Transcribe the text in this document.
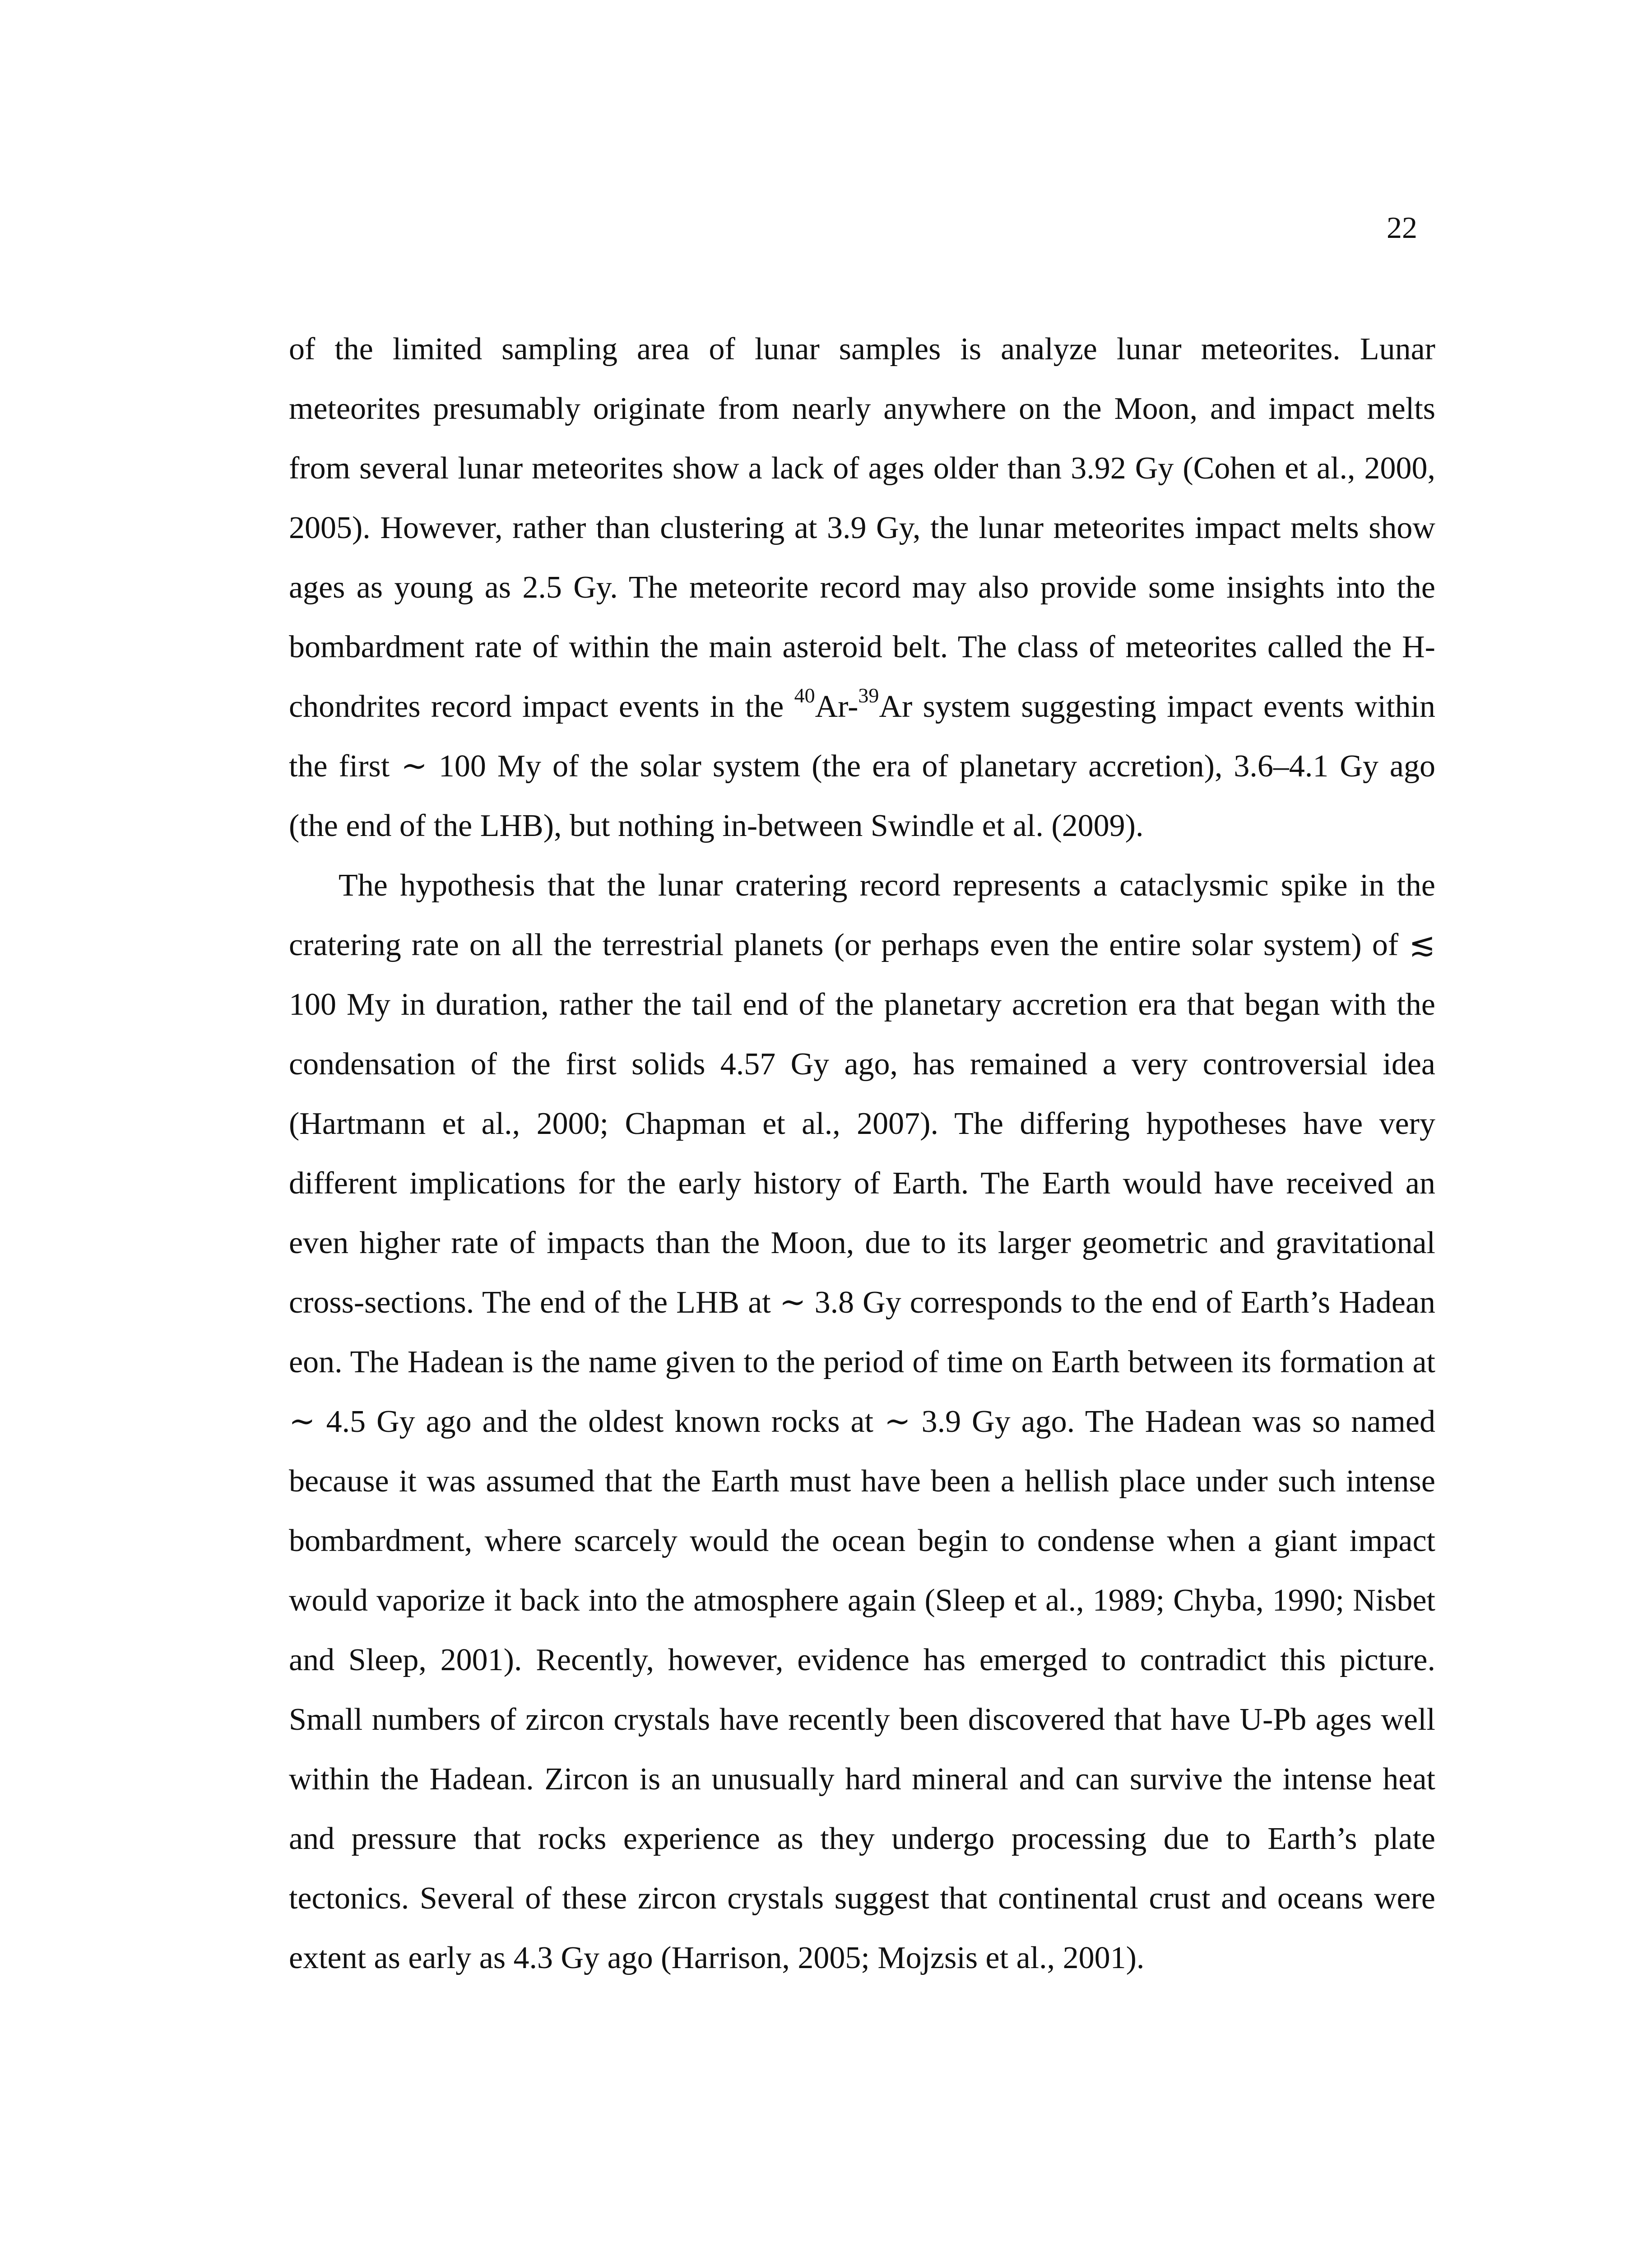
22

of the limited sampling area of lunar samples is analyze lunar meteorites. Lunar meteorites presumably originate from nearly anywhere on the Moon, and impact melts from several lunar meteorites show a lack of ages older than 3.92 Gy (Cohen et al., 2000, 2005). However, rather than clustering at 3.9 Gy, the lunar meteorites impact melts show ages as young as 2.5 Gy. The meteorite record may also provide some insights into the bombardment rate of within the main asteroid belt. The class of meteorites called the H-chondrites record impact events in the $^{40}$Ar-$^{39}$Ar system suggesting impact events within the first ∼ 100 My of the solar system (the era of planetary accretion), 3.6–4.1 Gy ago (the end of the LHB), but nothing in-between Swindle et al. (2009).

The hypothesis that the lunar cratering record represents a cataclysmic spike in the cratering rate on all the terrestrial planets (or perhaps even the entire solar system) of ≲ 100 My in duration, rather the tail end of the planetary accretion era that began with the condensation of the first solids 4.57 Gy ago, has remained a very controversial idea (Hartmann et al., 2000; Chapman et al., 2007). The differing hypotheses have very different implications for the early history of Earth. The Earth would have received an even higher rate of impacts than the Moon, due to its larger geometric and gravitational cross-sections. The end of the LHB at ∼ 3.8 Gy corresponds to the end of Earth’s Hadean eon. The Hadean is the name given to the period of time on Earth between its formation at ∼ 4.5 Gy ago and the oldest known rocks at ∼ 3.9 Gy ago. The Hadean was so named because it was assumed that the Earth must have been a hellish place under such intense bombardment, where scarcely would the ocean begin to condense when a giant impact would vaporize it back into the atmosphere again (Sleep et al., 1989; Chyba, 1990; Nisbet and Sleep, 2001). Recently, however, evidence has emerged to contradict this picture. Small numbers of zircon crystals have recently been discovered that have U-Pb ages well within the Hadean. Zircon is an unusually hard mineral and can survive the intense heat and pressure that rocks experience as they undergo processing due to Earth’s plate tectonics. Several of these zircon crystals suggest that continental crust and oceans were extent as early as 4.3 Gy ago (Harrison, 2005; Mojzsis et al., 2001).
